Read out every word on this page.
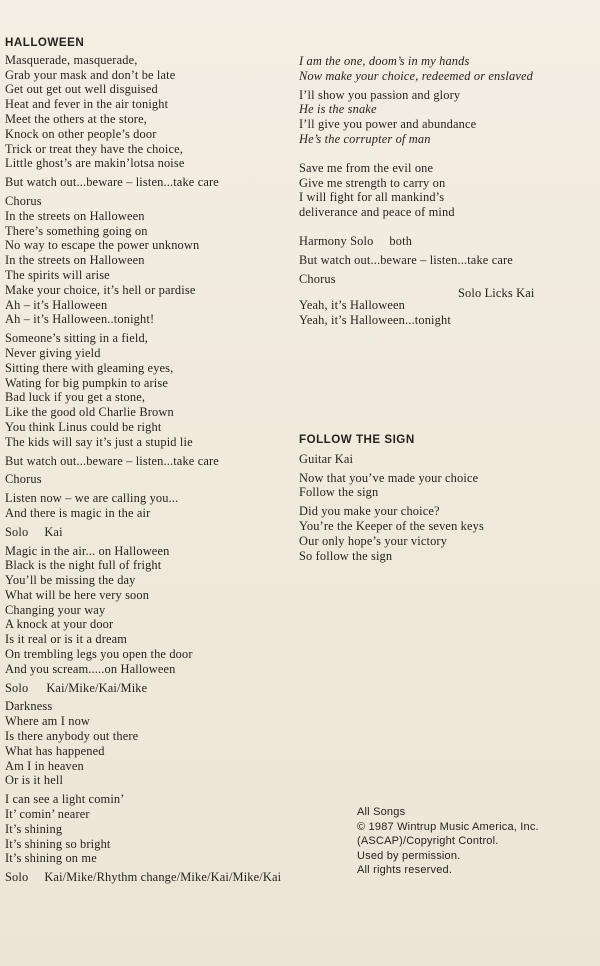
HALLOWEEN
Masquerade, masquerade,
Grab your mask and don’t be late
Get out get out well disguised
Heat and fever in the air tonight
Meet the others at the store,
Knock on other people’s door
Trick or treat they have the choice,
Little ghost’s are makin’lotsa noise
But watch out...beware – listen...take care
Chorus
In the streets on Halloween
There’s something going on
No way to escape the power unknown
In the streets on Halloween
The spirits will arise
Make your choice, it’s hell or pardise
Ah – it’s Halloween
Ah – it’s Halloween..tonight!
Someone’s sitting in a field,
Never giving yield
Sitting there with gleaming eyes,
Wating for big pumpkin to arise
Bad luck if you get a stone,
Like the good old Charlie Brown
You think Linus could be right
The kids will say it’s just a stupid lie
But watch out...beware – listen...take care
Chorus
Listen now – we are calling you...
And there is magic in the air
Solo Kai
Magic in the air... on Halloween
Black is the night full of fright
You’ll be missing the day
What will be here very soon
Changing your way
A knock at your door
Is it real or is it a dream
On trembling legs you open the door
And you scream.....on Halloween
Solo Kai/Mike/Kai/Mike
Darkness
Where am I now
Is there anybody out there
What has happened
Am I in heaven
Or is it hell
I can see a light comin’
It’ comin’ nearer
It’s shining
It’s shining so bright
It’s shining on me
Solo Kai/Mike/Rhythm change/Mike/Kai/Mike/Kai
I am the one, doom’s in my hands
Now make your choice, redeemed or enslaved
I’ll show you passion and glory
He is the snake
I’ll give you power and abundance
He’s the corrupter of man
Save me from the evil one
Give me strength to carry on
I will fight for all mankind’s
deliverance and peace of mind
Harmony Solo both
But watch out...beware – listen...take care
Chorus
Yeah, it’s Halloween
Yeah, it’s Halloween...tonight
Solo Licks Kai
FOLLOW THE SIGN
Guitar Kai
Now that you’ve made your choice
Follow the sign
Did you make your choice?
You’re the Keeper of the seven keys
Our only hope’s your victory
So follow the sign
All Songs
© 1987 Wintrup Music America, Inc.
(ASCAP)/Copyright Control.
Used by permission.
All rights reserved.
